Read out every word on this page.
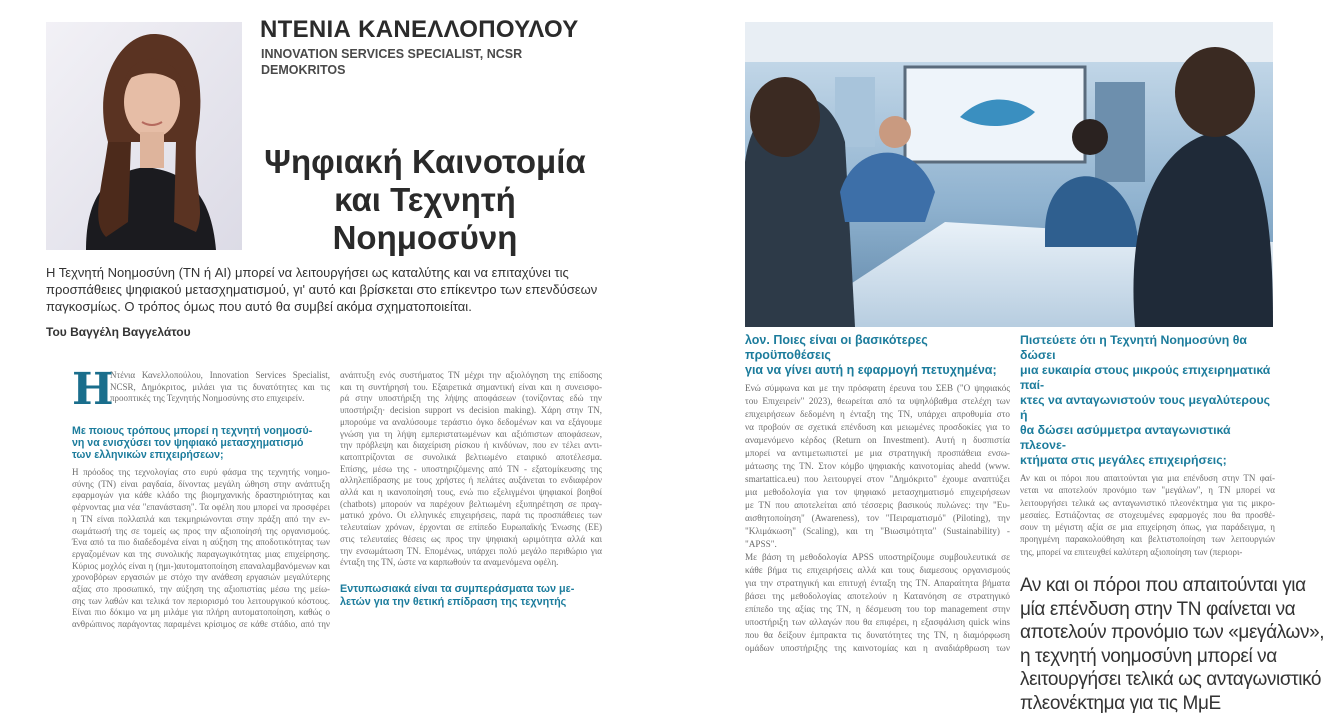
ΝΤΕΝΙΑ ΚΑΝΕΛΛΟΠΟΥΛΟΥ
INNOVATION SERVICES SPECIALIST, NCSR
DEMOKRITOS
Ψηφιακή Καινοτομία
και Τεχνητή
Νοημοσύνη
Η Τεχνητή Νοημοσύνη (ΤΝ ή AI) μπορεί να λειτουργήσει ως καταλύτης και να επιταχύνει τις προσπάθειες ψηφιακού μετασχηματισμού, γι' αυτό και βρίσκεται στο επίκεντρο των επενδύσεων παγκοσμίως. Ο τρόπος όμως που αυτό θα συμβεί ακόμα σχηματοποιείται.
Του Βαγγέλη Βαγγελάτου
Η
Ντένια Κανελλοπούλου, Innovation Services Specialist,
NCSR, Δημόκριτος, μιλάει για τις δυνατότητες και τις
προοπτικές της Τεχνητής Νοημοσύνης στο επιχειρείν.
Με ποιους τρόπους μπορεί η τεχνητή νοημοσύ-
νη να ενισχύσει τον ψηφιακό μετασχηματισμό
των ελληνικών επιχειρήσεων;
Η πρόοδος της τεχνολογίας στο ευρύ φάσμα της τεχνητής νοημο-
σύνης (ΤΝ) είναι ραγδαία, δίνοντας μεγάλη ώθηση στην ανάπτυξη
εφαρμογών για κάθε κλάδο της βιομηχανικής δραστηριότητας και
φέρνοντας μια νέα "επανάσταση". Τα οφέλη που μπορεί να προσφέρει
η ΤΝ είναι πολλαπλά και τεκμηριώνονται στην πράξη από την εν-
σωμάτωσή της σε τομείς ως προς την αξιοποίησή της οργανισμούς.
Ένα από τα πιο διαδεδομένα είναι η αύξηση της αποδοτικότητας των
εργαζομένων και της συνολικής παραγωγικότητας μιας επιχείρησης.
Κύριος μοχλός είναι η (ημι-)αυτοματοποίηση επαναλαμβανόμενων και
χρονοβόρων εργασιών με στόχο την ανάθεση εργασιών μεγαλύτερης
αξίας στο προσωπικό, την αύξηση της αξιοπιστίας μέσω της μείω-
σης των λαθών και τελικά τον περιορισμό του λειτουργικού κόστους.
Είναι πιο δόκιμο να μη μιλάμε για πλήρη αυτοματοποίηση, καθώς ο
ανθρώπινος παράγοντας παραμένει κρίσιμος σε κάθε στάδιο, από την
ανάπτυξη ενός συστήματος ΤΝ μέχρι την αξιολόγηση της επίδοσης
και τη συντήρησή του. Εξαιρετικά σημαντική είναι και η συνεισφο-
ρά στην υποστήριξη της λήψης αποφάσεων (τονίζοντας εδώ την
υποστήριξη· decision support vs decision making). Χάρη στην ΤΝ,
μπορούμε να αναλύσουμε τεράστιο όγκο δεδομένων και να εξάγουμε
γνώση για τη λήψη εμπεριστατωμένων και αξιόπιστων αποφάσεων,
την πρόβλεψη και διαχείριση ρίσκου ή κινδύνων, που εν τέλει αντι-
κατοπτρίζονται σε συνολικά βελτιωμένο εταιρικό αποτέλεσμα.
Επίσης, μέσω της - υποστηριζόμενης από ΤΝ - εξατομίκευσης της
αλληλεπίδρασης με τους χρήστες ή πελάτες αυξάνεται το ενδιαφέρον
αλλά και η ικανοποίησή τους, ενώ πιο εξελιγμένοι ψηφιακοί βοηθοί
(chatbots) μπορούν να παρέχουν βελτιωμένη εξυπηρέτηση σε πραγ-
ματικό χρόνο. Οι ελληνικές επιχειρήσεις, παρά τις προσπάθειες των
τελευταίων χρόνων, έρχονται σε επίπεδο Ευρωπαϊκής Ένωσης (ΕΕ)
στις τελευταίες θέσεις ως προς την ψηφιακή ωριμότητα αλλά και
την ενσωμάτωση ΤΝ. Επομένως, υπάρχει πολύ μεγάλο περιθώριο για
ένταξη της ΤΝ, ώστε να καρπωθούν τα αναμενόμενα οφέλη.
Εντυπωσιακά είναι τα συμπεράσματα των με-
λετών για την θετική επίδραση της τεχνητής
λον. Ποιες είναι οι βασικότερες προϋποθέσεις
για να γίνει αυτή η εφαρμογή πετυχημένα;
Ενώ σύμφωνα και με την πρόσφατη έρευνα του ΣΕΒ ("Ο ψηφιακός
του Επιχειρείν" 2023), θεωρείται από τα υψηλόβαθμα στελέχη των
επιχειρήσεων δεδομένη η ένταξη της ΤΝ, υπάρχει απροθυμία στο
να προβούν σε σχετικά επένδυση και μειωμένες προσδοκίες για το
αναμενόμενο κέρδος (Return on Investment). Αυτή η δυσπιστία
μπορεί να αντιμετωπιστεί με μια στρατηγική προσπάθεια ενσω-
μάτωσης της ΤΝ. Στον κόμβο ψηφιακής καινοτομίας ahedd (www.
smartattica.eu) που λειτουργεί στον "Δημόκριτο" έχουμε αναπτύξει
μια μεθοδολογία για τον ψηφιακό μετασχηματισμό επιχειρήσεων
με ΤΝ που αποτελείται από τέσσερις βασικούς πυλώνες: την "Ευ-
αισθητοποίηση" (Awareness), τον "Πειραματισμό" (Piloting), την
"Κλιμάκωση" (Scaling), και τη "Βιωσιμότητα" (Sustainability) - "APSS".
Με βάση τη μεθοδολογία APSS υποστηρίζουμε συμβουλευτικά σε
κάθε βήμα τις επιχειρήσεις αλλά και τους διαμεσους οργανισμούς
για την στρατηγική και επιτυχή ένταξη της ΤΝ. Απαραίτητα βήματα
βάσει της μεθοδολογίας αποτελούν η Κατανόηση σε στρατηγικό
επίπεδο της αξίας της ΤΝ, η δέσμευση του top management στην
υποστήριξη των αλλαγών που θα επιφέρει, η εξασφάλιση quick wins
που θα δείξουν έμπρακτα τις δυνατότητες της ΤΝ, η διαμόρφωση
ομάδων υποστήριξης της καινοτομίας και η αναδιάρθρωση των
Πιστεύετε ότι η Τεχνητή Νοημοσύνη θα δώσει
μια ευκαιρία στους μικρούς επιχειρηματικά παί-
κτες να ανταγωνιστούν τους μεγαλύτερους ή
θα δώσει ασύμμετρα ανταγωνιστικά πλεονε-
κτήματα στις μεγάλες επιχειρήσεις;
Αν και οι πόροι που απαιτούνται για μια επένδυση στην ΤΝ φαί-
νεται να αποτελούν προνόμιο των "μεγάλων", η ΤΝ μπορεί να
λειτουργήσει τελικά ως ανταγωνιστικό πλεονέκτημα για τις μικρο-
μεσαίες. Εστιάζοντας σε στοχευμένες εφαρμογές που θα προσθέ-
σουν τη μέγιστη αξία σε μια επιχείρηση όπως, για παράδειγμα, η
προηγμένη παρακολούθηση και βελτιστοποίηση των λειτουργιών
της, μπορεί να επιτευχθεί καλύτερη αξιοποίηση των (περιορι-
Αν και οι πόροι που απαιτούνται για
μία επένδυση στην ΤΝ φαίνεται να
αποτελούν προνόμιο των «μεγάλων»,
η τεχνητή νοημοσύνη μπορεί να
λειτουργήσει τελικά ως ανταγωνιστικό
πλεονέκτημα για τις ΜμΕ
